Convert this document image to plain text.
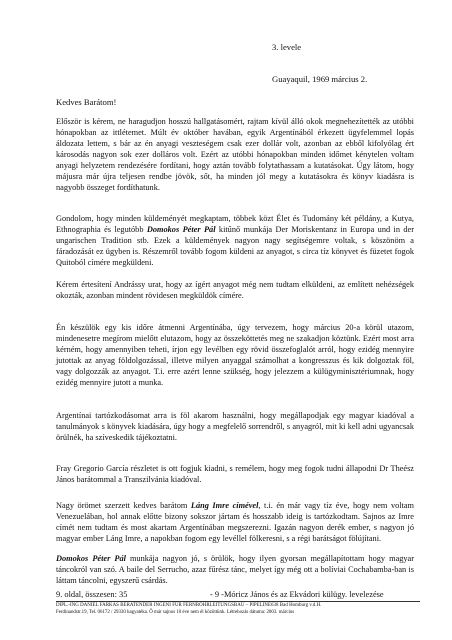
3. levele
Guayaquil, 1969 március 2.
Kedves Barátom!

Először is kérem, ne haragudjon hosszú hallgatásomért, rajtam kívül álló okok megnehezítették az utóbbi hónapokban az ittlétemet. Múlt év október havában, egyik Argentínából érkezett ügyfelemmel lopás áldozata lettem, s bár az én anyagi veszteségem csak ezer dollár volt, azonban az ebből kifolyólag ért károsodás nagyon sok ezer dolláros volt. Ezért az utóbbi hónapokban minden időmet kénytelen voltam anyagi helyzetem rendezésére fordítani, hogy aztán tovább folytathassam a kutatásokat. Úgy látom, hogy májusra már újra teljesen rendbe jövök, sőt, ha minden jól megy a kutatásokra és könyv kiadásra is nagyobb összeget fordíthatunk.

Gondolom, hogy minden küldeményét megkaptam, többek közt Élet és Tudomány két példány, a Kutya, Ethnographia és legutóbb Domokos Péter Pál kitűnő munkája Der Moriskentanz in Europa und in der ungarischen Tradition stb. Ezek a küldemények nagyon nagy segítségemre voltak, s köszönöm a fáradozását ez ügyben is. Részemről tovább fogom küldeni az anyagot, s circa tíz könyvet és füzetet fogok Quitoból címére megküldeni.

Kérem értesítení Andrássy urat, hogy az ígért anyagot még nem tudtam elküldeni, az említett nehézségek okozták, azonban mindent rövidesen megküldök címére.

Én készülök egy kis időre átmenni Argentínába, úgy tervezem, hogy március 20-a körül utazom, mindenesetre megírom mielőtt elutazom, hogy az összeköttetés meg ne szakadjon köztünk. Ezért most arra kérném, hogy amennyiben teheti, írjon egy levélben egy rövid összefoglalót arról, hogy ezidég mennyire jutottak az anyag földolgozással, illetve milyen anyaggal számolhat a kongresszus és kik dolgoztak föl, vagy dolgozzák az anyagot. T.i. erre azért lenne szükség, hogy jelezzem a külügyminisztériumnak, hogy ezidég mennyire jutott a munka.

Argentínai tartózkodásomat arra is föl akarom használni, hogy megállapodjak egy magyar kiadóval a tanulmányok s könyvek kiadására, úgy hogy a megfelelő sorrendről, s anyagról, mit ki kell adni ugyancsak örülnék, ha szíveskedik tájékoztatni.

Fray Gregorio García részletet is ott fogjuk kiadni, s remélem, hogy meg fogok tudni állapodni Dr Theész János barátommal a Transzilvánia kiadóval.

Nagy örömet szerzett kedves barátom Láng Imre címével, t.i. én már vagy tíz éve, hogy nem voltam Venezuelában, hol annak előtte bizony sokszor jártam és hosszabb ideig is tartózkodtam. Sajnos az Imre címét nem tudtam és most akartam Argentínában megszerezni. Igazán nagyon derék ember, s nagyon jó magyar ember Láng Imre, a napokban fogom egy levéllel fölkeresni, s a régi barátságot fölújítani.

Domokos Péter Pál munkája nagyon jó, s örülök, hogy ilyen gyorsan megállapítottam hogy magyar táncokról van szó. A baile del Serrucho, azaz fűrész tánc, melyet így még ott a bolíviai Cochabamba-ban is láttam táncolni, egyszerű csárdás.

9. oldal, összesen: 35	- 9 -Móricz János és az Ekvádori külügy. levelezése
DIPL.-ING DANIEL FARKAS BERATENDER INGENI FÜR FERNROHRLEITUNGSBAU – PIPELINE638 Bad Homburg v.d.H.
Ferdinandstr.19, Tel. 06172 / 29330 hagyatéka. Ő már sajnos 10 éve nem él közöttünk. Létrehozás dátuma: 2003. március
